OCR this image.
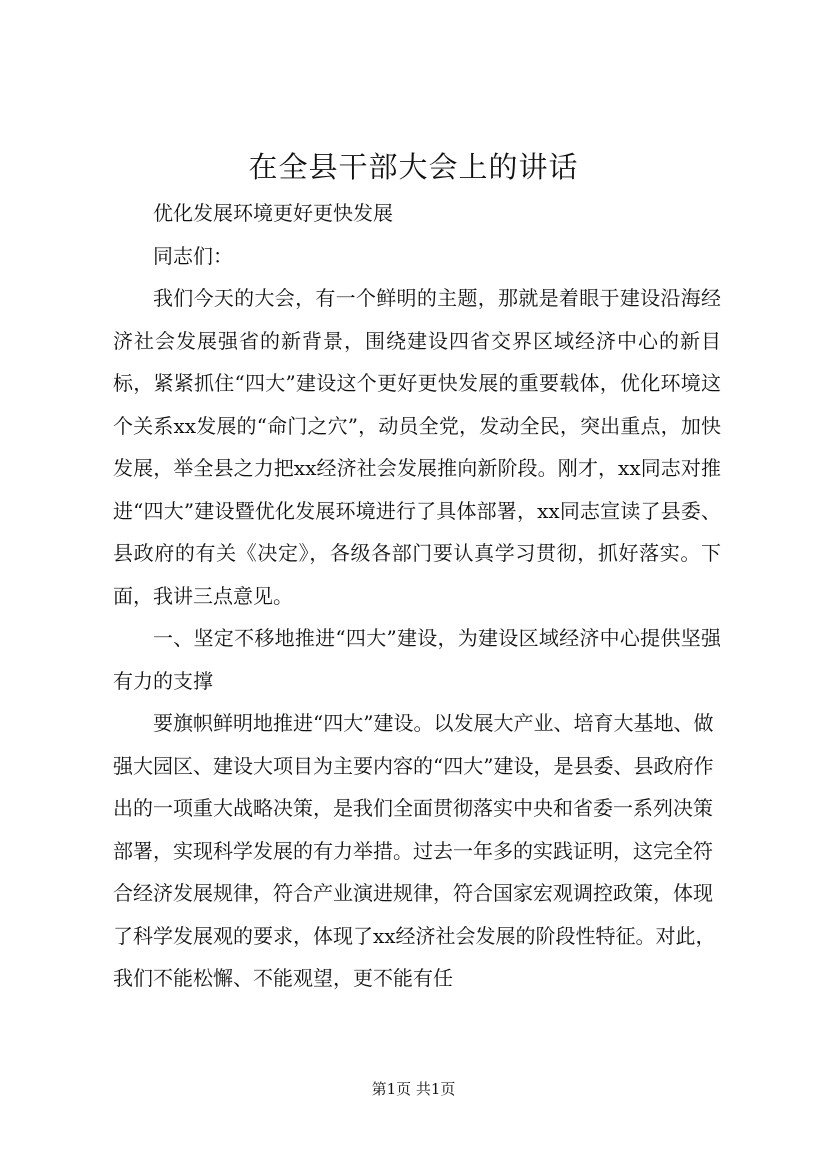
在全县干部大会上的讲话

优化发展环境更好更快发展

同志们：

我们今天的大会，有一个鲜明的主题，那就是着眼于建设沿海经济社会发展强省的新背景，围绕建设四省交界区域经济中心的新目标，紧紧抓住“四大”建设这个更好更快发展的重要载体，优化环境这个关系xx发展的“命门之穴”，动员全党，发动全民，突出重点，加快发展，举全县之力把xx经济社会发展推向新阶段。刚才，xx同志对推进“四大”建设暨优化发展环境进行了具体部署，xx同志宣读了县委、县政府的有关《决定》，各级各部门要认真学习贯彻，抓好落实。下面，我讲三点意见。

一、坚定不移地推进“四大”建设，为建设区域经济中心提供坚强有力的支撑

要旗帜鲜明地推进“四大”建设。以发展大产业、培育大基地、做强大园区、建设大项目为主要内容的“四大”建设，是县委、县政府作出的一项重大战略决策，是我们全面贯彻落实中央和省委一系列决策部署，实现科学发展的有力举措。过去一年多的实践证明，这完全符合经济发展规律，符合产业演进规律，符合国家宏观调控政策，体现了科学发展观的要求，体现了xx经济社会发展的阶段性特征。对此，我们不能松懈、不能观望，更不能有任

第1页 共1页
